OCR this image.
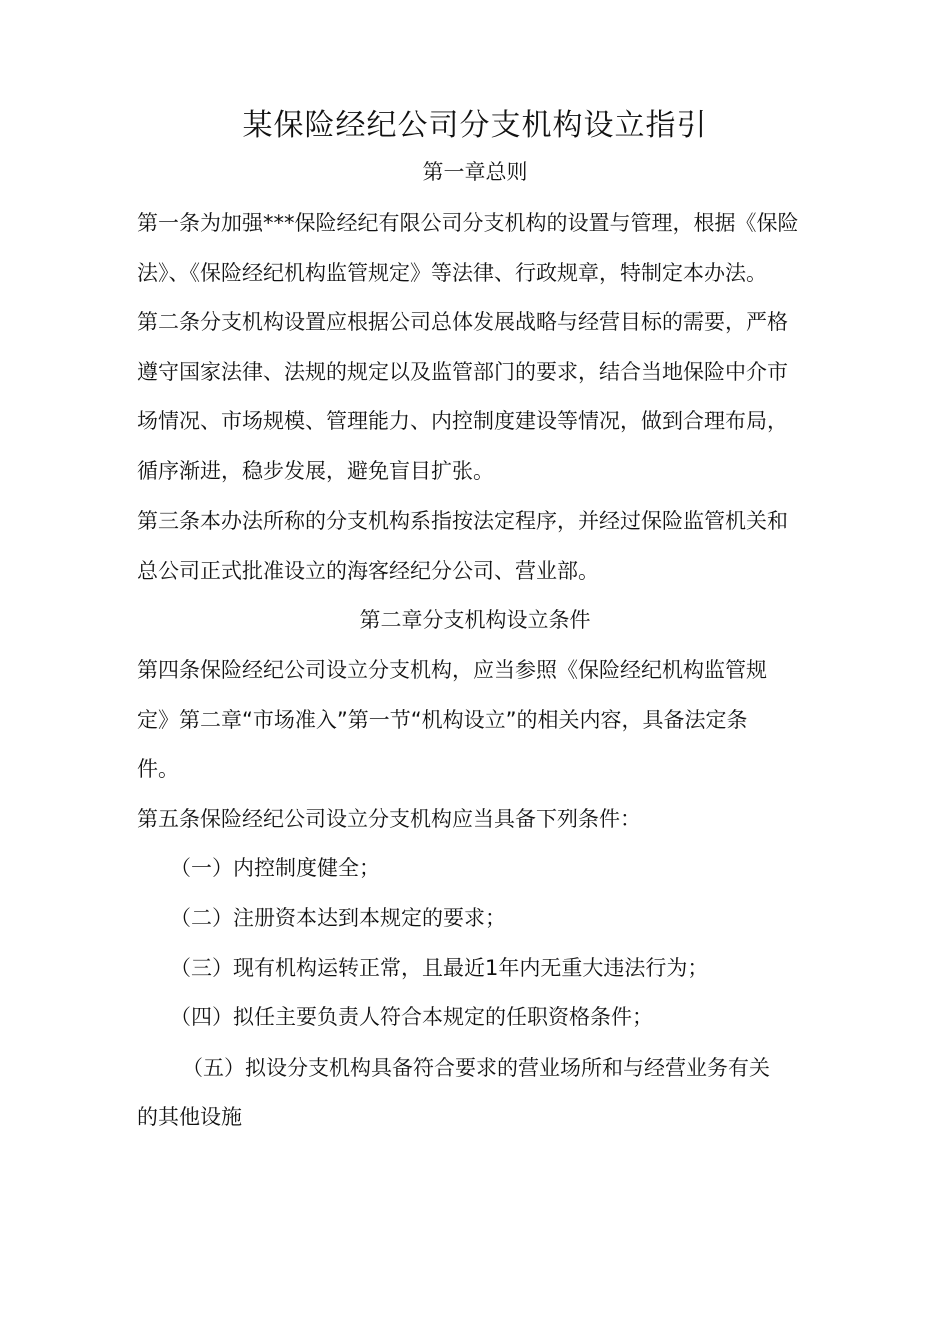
某保险经纪公司分支机构设立指引
第一章总则
第一条为加强***保险经纪有限公司分支机构的设置与管理，根据《保险
法》、《保险经纪机构监管规定》等法律、行政规章，特制定本办法。
第二条分支机构设置应根据公司总体发展战略与经营目标的需要，严格
遵守国家法律、法规的规定以及监管部门的要求，结合当地保险中介市
场情况、市场规模、管理能力、内控制度建设等情况，做到合理布局，
循序渐进，稳步发展，避免盲目扩张。
第三条本办法所称的分支机构系指按法定程序，并经过保险监管机关和
总公司正式批准设立的海客经纪分公司、营业部。
第二章分支机构设立条件
第四条保险经纪公司设立分支机构，应当参照《保险经纪机构监管规
定》第二章“市场准入”第一节“机构设立”的相关内容，具备法定条
件。
第五条保险经纪公司设立分支机构应当具备下列条件：
（一）内控制度健全；
（二）注册资本达到本规定的要求；
（三）现有机构运转正常，且最近1年内无重大违法行为；
（四）拟任主要负责人符合本规定的任职资格条件；
（五）拟设分支机构具备符合要求的营业场所和与经营业务有关
的其他设施
